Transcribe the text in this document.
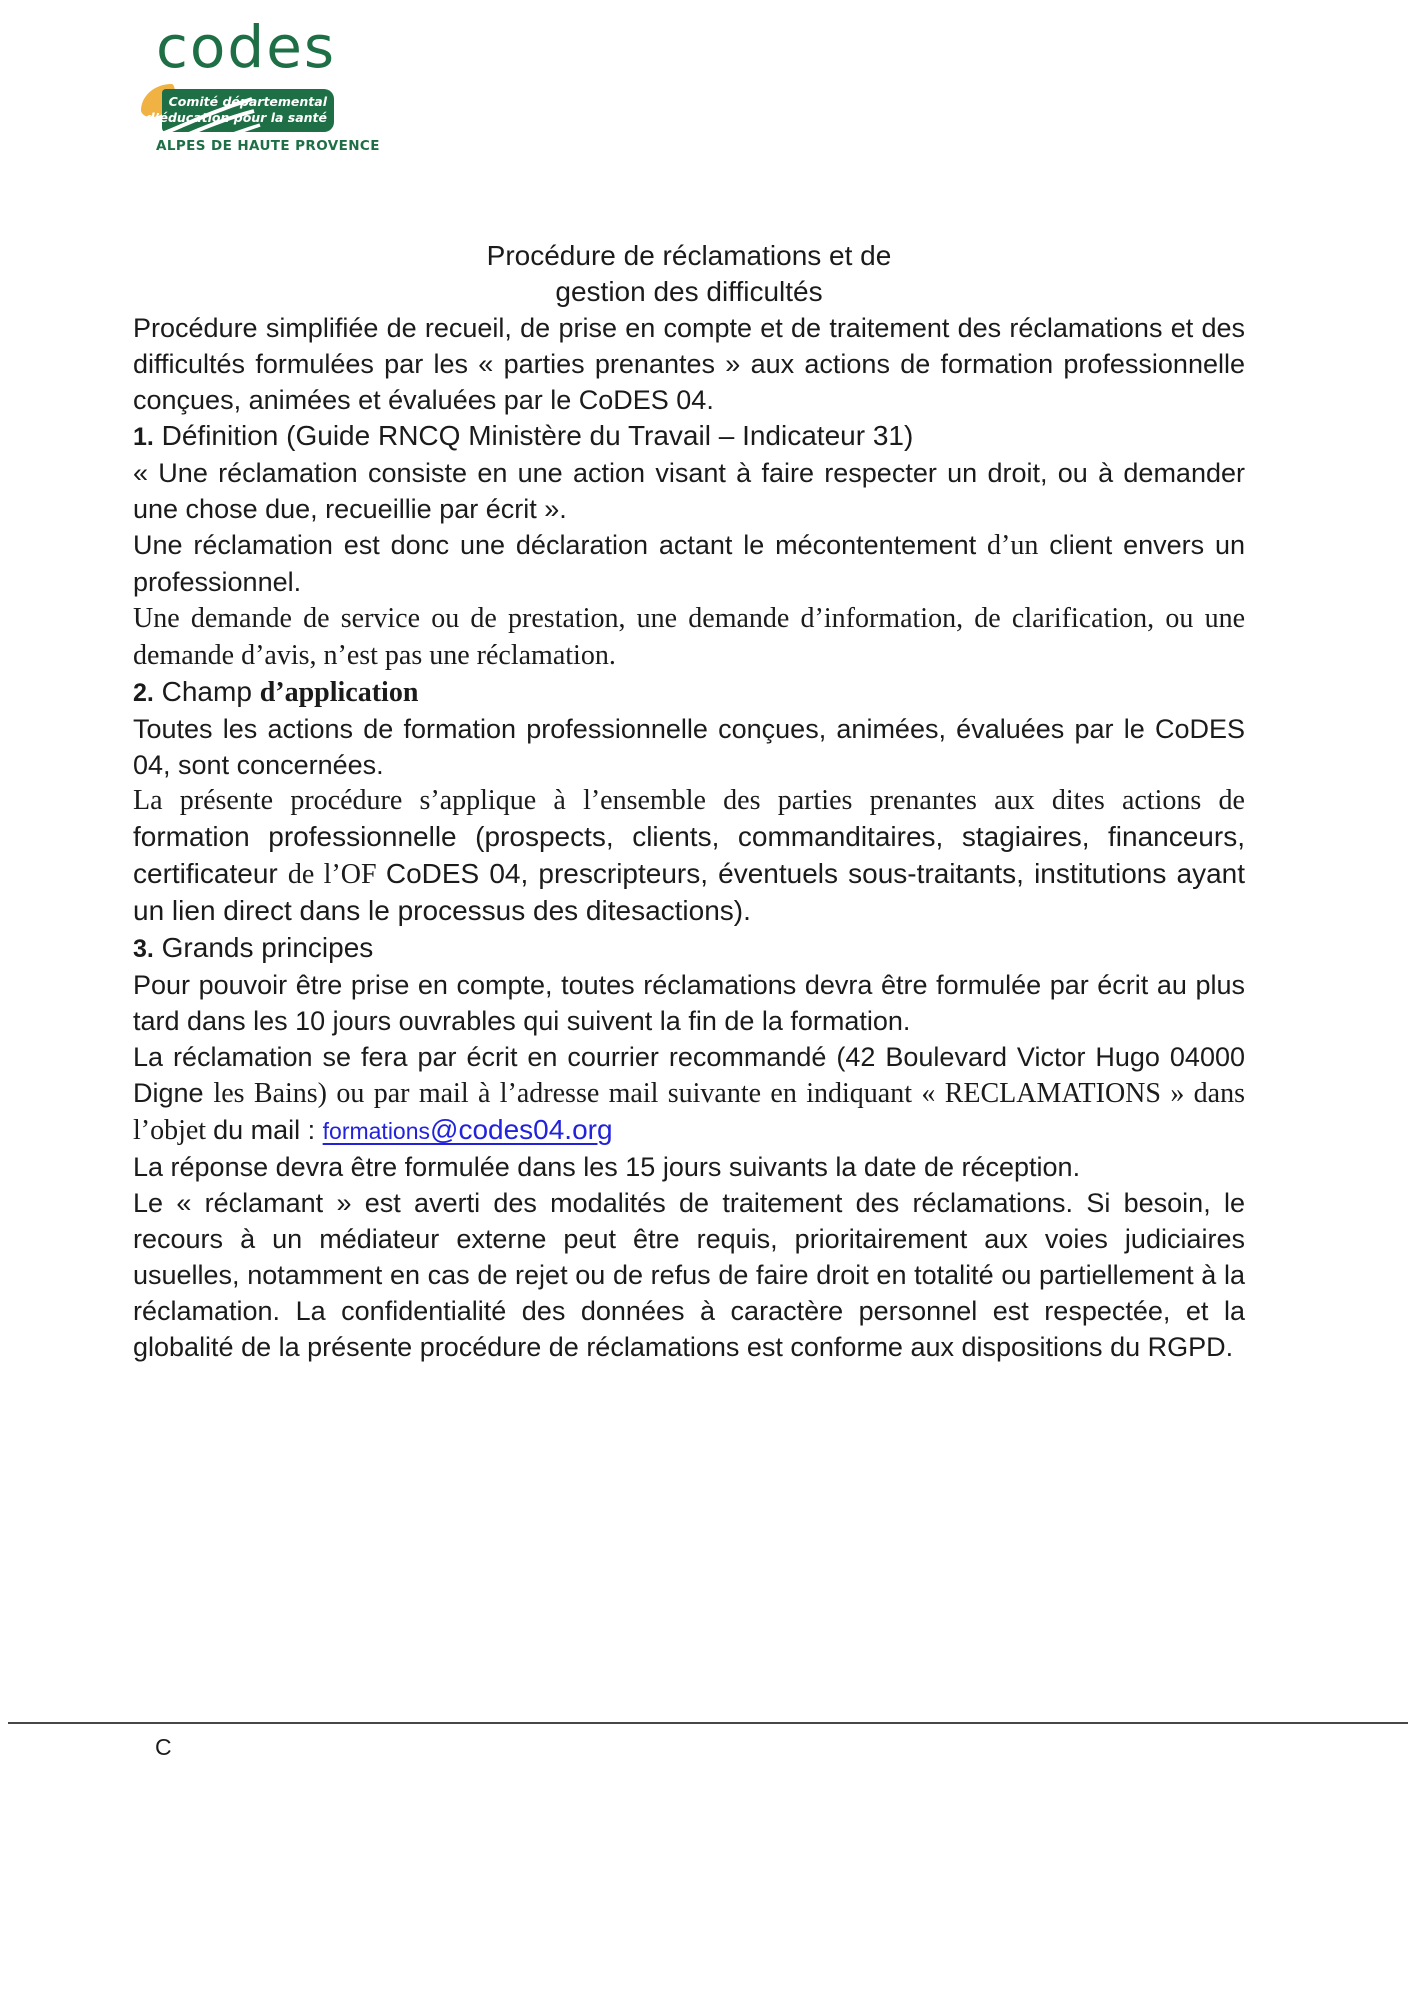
Comité départemental
d’éducation pour la santé
codes
ALPES DE HAUTE PROVENCE
Procédure de réclamations et de
gestion des difficultés

Procédure simplifiée de recueil, de prise en compte et de traitement des réclamations et des difficultés formulées par les « parties prenantes » aux actions de formation professionnelle conçues, animées et évaluées par le CoDES 04.

1. Définition (Guide RNCQ Ministère du Travail – Indicateur 31)

« Une réclamation consiste en une action visant à faire respecter un droit, ou à demander une chose due, recueillie par écrit ».

Une réclamation est donc une déclaration actant le mécontentement d’un client envers un professionnel.
Une demande de service ou de prestation, une demande d’information, de clarification, ou une demande d’avis, n’est pas une réclamation.

2. Champ d’application

Toutes les actions de formation professionnelle conçues, animées, évaluées par le CoDES 04, sont concernées.

La présente procédure s’applique à l’ensemble des parties prenantes aux dites actions de formation professionnelle (prospects, clients, commanditaires, stagiaires, financeurs, certificateur de l’OF CoDES 04, prescripteurs, éventuels sous-traitants, institutions ayant un lien direct dans le processus des ditesactions).

3. Grands principes

Pour pouvoir être prise en compte, toutes réclamations devra être formulée par écrit au plus tard dans les 10 jours ouvrables qui suivent la fin de la formation.

La réclamation se fera par écrit en courrier recommandé (42 Boulevard Victor Hugo 04000 Digne les Bains) ou par mail à l’adresse mail suivante en indiquant « RECLAMATIONS » dans l’objet du mail : formations@codes04.org

La réponse devra être formulée dans les 15 jours suivants la date de réception.

Le « réclamant » est averti des modalités de traitement des réclamations. Si besoin, le recours à un médiateur externe peut être requis, prioritairement aux voies judiciaires usuelles, notamment en cas de rejet ou de refus de faire droit en totalité ou partiellement à la réclamation. La confidentialité des données à caractère personnel est respectée, et la globalité de la présente procédure de réclamations est conforme aux dispositions du RGPD.

C
